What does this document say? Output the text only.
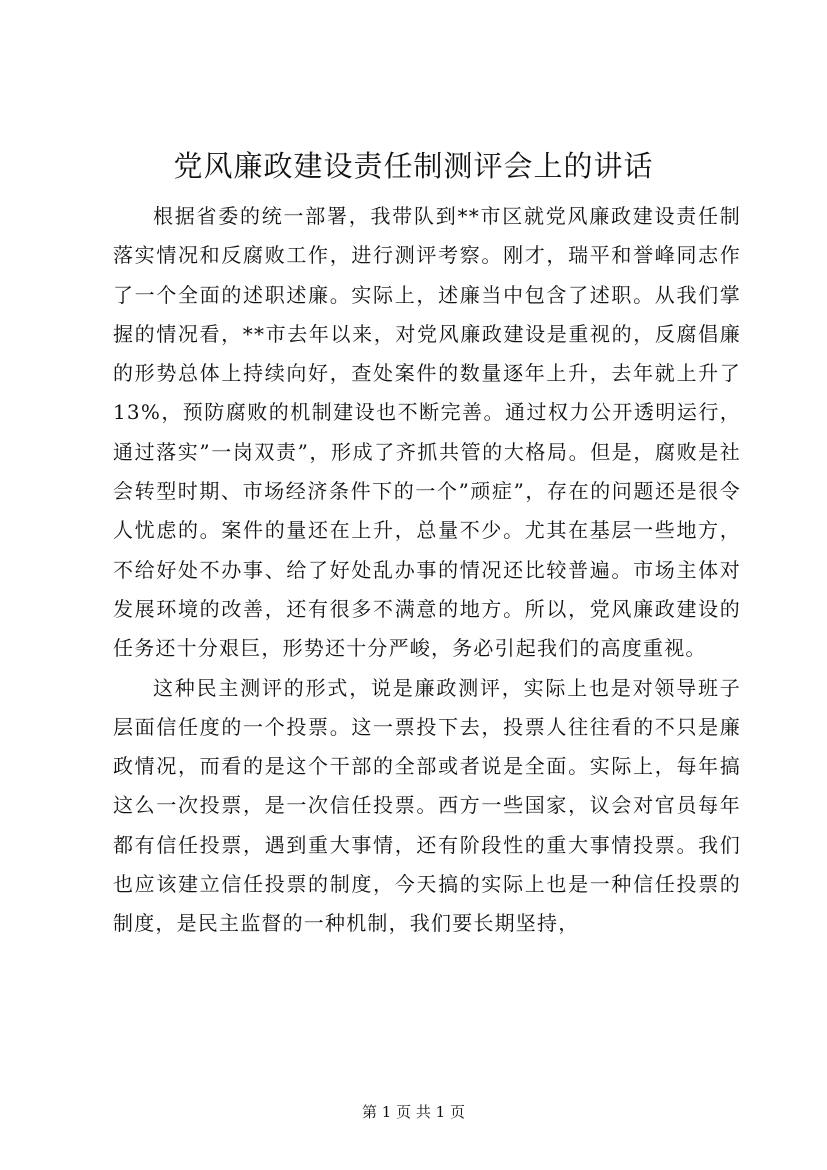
党风廉政建设责任制测评会上的讲话

根据省委的统一部署，我带队到**市区就党风廉政建设责任制落实情况和反腐败工作，进行测评考察。刚才，瑞平和誉峰同志作了一个全面的述职述廉。实际上，述廉当中包含了述职。从我们掌握的情况看，**市去年以来，对党风廉政建设是重视的，反腐倡廉的形势总体上持续向好，查处案件的数量逐年上升，去年就上升了13%，预防腐败的机制建设也不断完善。通过权力公开透明运行，通过落实”一岗双责”，形成了齐抓共管的大格局。但是，腐败是社会转型时期、市场经济条件下的一个”顽症”，存在的问题还是很令人忧虑的。案件的量还在上升，总量不少。尤其在基层一些地方，不给好处不办事、给了好处乱办事的情况还比较普遍。市场主体对发展环境的改善，还有很多不满意的地方。所以，党风廉政建设的任务还十分艰巨，形势还十分严峻，务必引起我们的高度重视。

这种民主测评的形式，说是廉政测评，实际上也是对领导班子层面信任度的一个投票。这一票投下去，投票人往往看的不只是廉政情况，而看的是这个干部的全部或者说是全面。实际上，每年搞这么一次投票，是一次信任投票。西方一些国家，议会对官员每年都有信任投票，遇到重大事情，还有阶段性的重大事情投票。我们也应该建立信任投票的制度，今天搞的实际上也是一种信任投票的制度，是民主监督的一种机制，我们要长期坚持，

第 1 页 共 1 页
